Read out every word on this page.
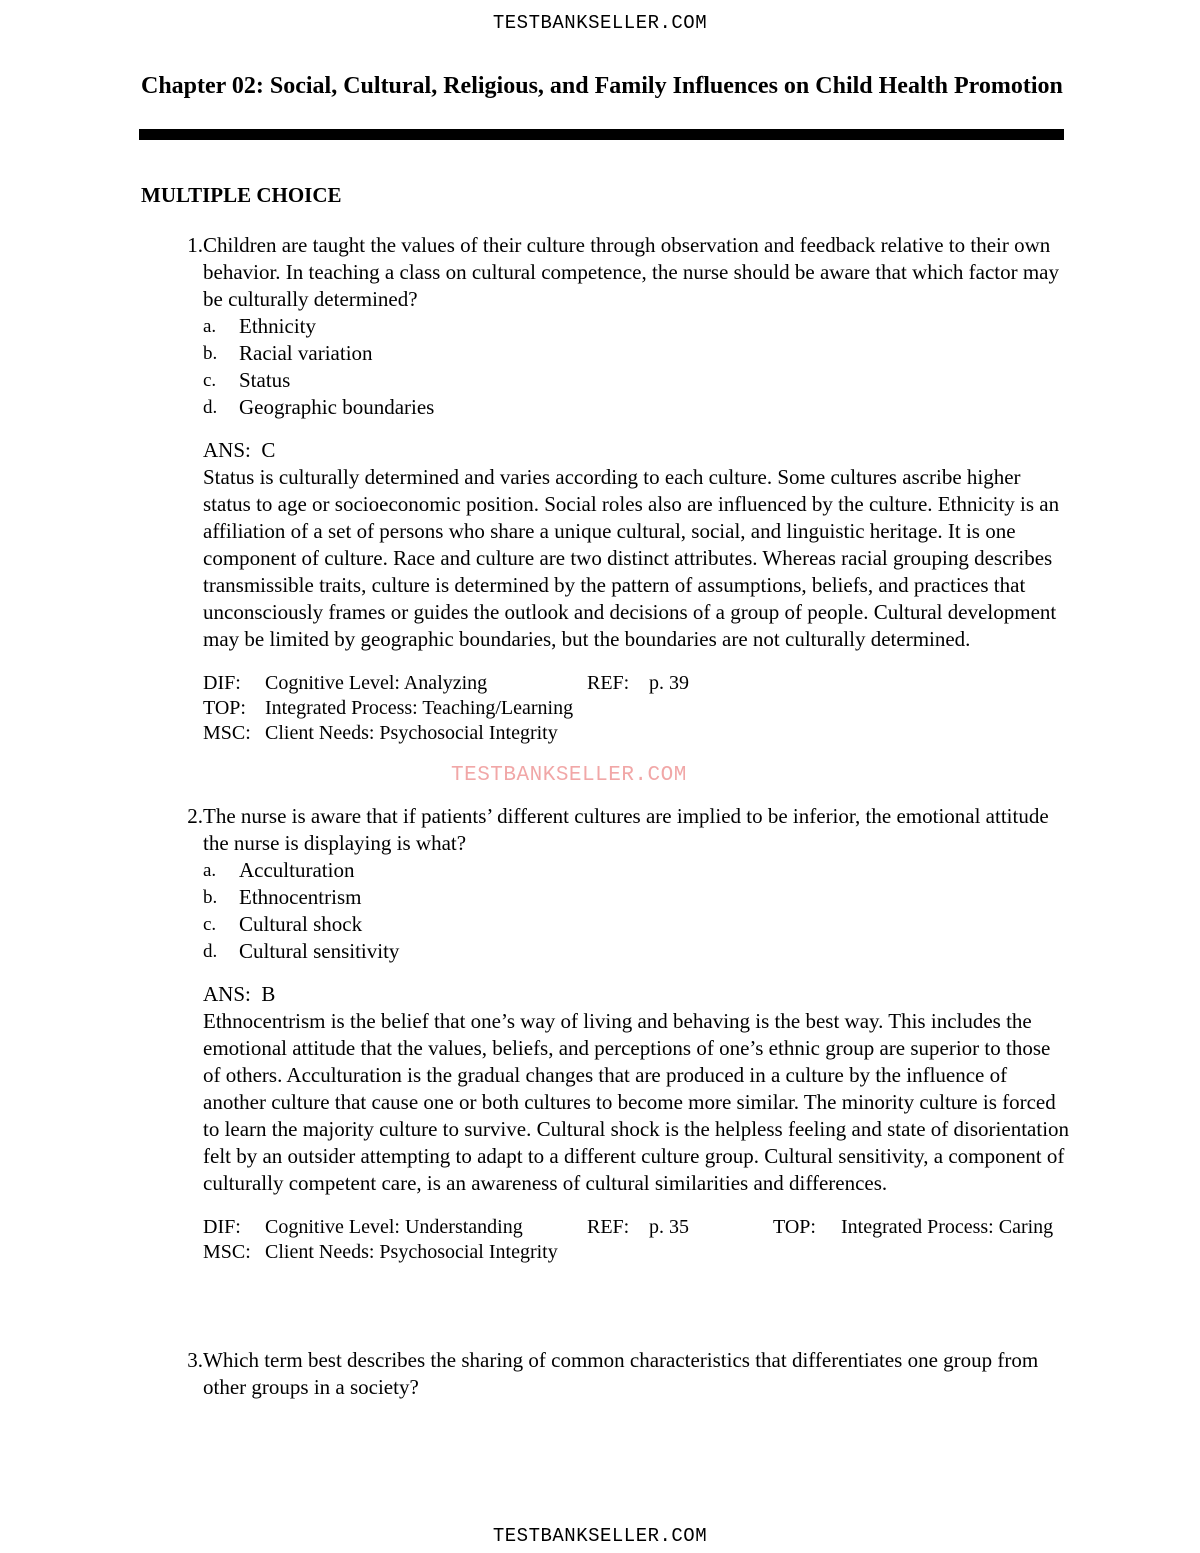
TESTBANKSELLER.COM
Chapter 02: Social, Cultural, Religious, and Family Influences on Child Health Promotion
MULTIPLE CHOICE
1. Children are taught the values of their culture through observation and feedback relative to their own behavior. In teaching a class on cultural competence, the nurse should be aware that which factor may be culturally determined?
a.	Ethnicity
b.	Racial variation
c.	Status
d.	Geographic boundaries
ANS:  C

Status is culturally determined and varies according to each culture. Some cultures ascribe higher status to age or socioeconomic position. Social roles also are influenced by the culture. Ethnicity is an affiliation of a set of persons who share a unique cultural, social, and linguistic heritage. It is one component of culture. Race and culture are two distinct attributes. Whereas racial grouping describes transmissible traits, culture is determined by the pattern of assumptions, beliefs, and practices that unconsciously frames or guides the outlook and decisions of a group of people. Cultural development may be limited by geographic boundaries, but the boundaries are not culturally determined.

DIF:	Cognitive Level: Analyzing	REF: p. 39
TOP: Integrated Process: Teaching/Learning
MSC: Client Needs: Psychosocial Integrity
TESTBANKSELLER.COM
2. The nurse is aware that if patients’ different cultures are implied to be inferior, the emotional attitude the nurse is displaying is what?
a.	Acculturation
b.	Ethnocentrism
c.	Cultural shock
d.	Cultural sensitivity
ANS:  B

Ethnocentrism is the belief that one’s way of living and behaving is the best way. This includes the emotional attitude that the values, beliefs, and perceptions of one’s ethnic group are superior to those of others. Acculturation is the gradual changes that are produced in a culture by the influence of another culture that cause one or both cultures to become more similar. The minority culture is forced to learn the majority culture to survive. Cultural shock is the helpless feeling and state of disorientation felt by an outsider attempting to adapt to a different culture group. Cultural sensitivity, a component of culturally competent care, is an awareness of cultural similarities and differences.

DIF:	Cognitive Level: Understanding	REF: p. 35	TOP:	Integrated Process: Caring
MSC: Client Needs: Psychosocial Integrity
3. Which term best describes the sharing of common characteristics that differentiates one group from other groups in a society?
TESTBANKSELLER.COM
